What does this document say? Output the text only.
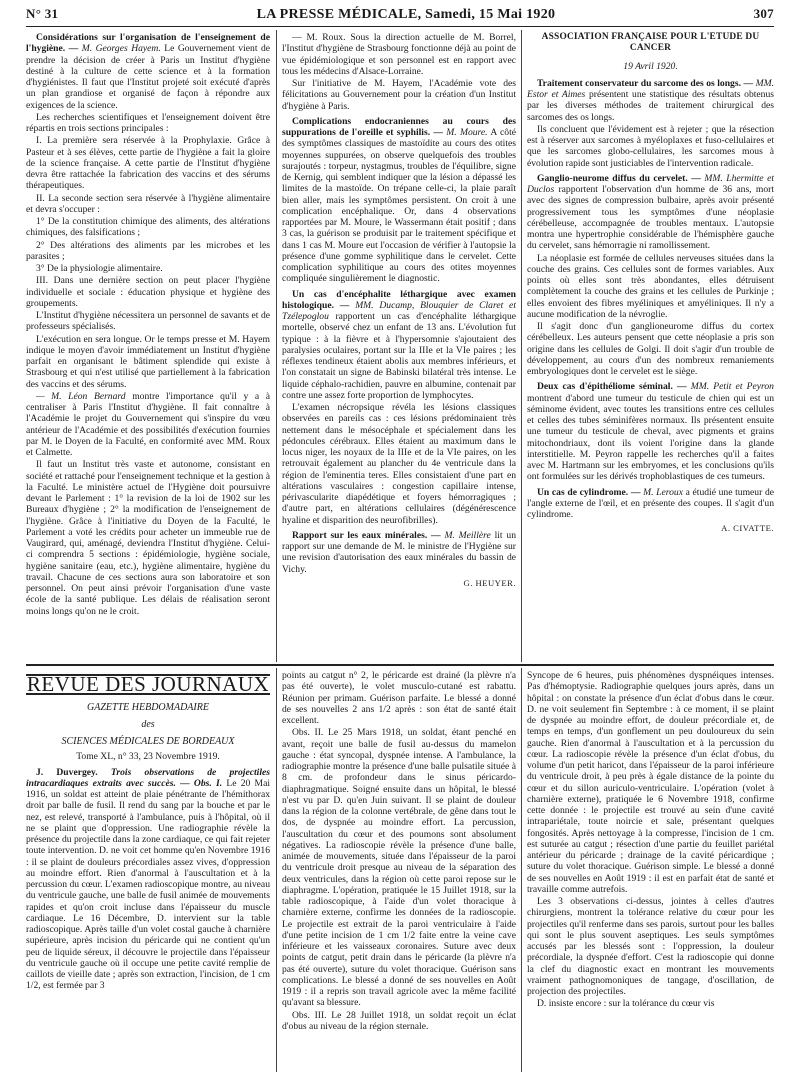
N° 31	LA PRESSE MÉDICALE, Samedi, 15 Mai 1920	307

Considérations sur l'organisation de l'enseignement de l'hygiène. — M. Georges Hayem. Le Gouvernement vient de prendre la décision de créer à Paris un Institut d'hygiène destiné à la culture de cette science et à la formation d'hygiénistes. Il faut que l'Institut projeté soit exécuté d'après un plan grandiose et organisé de façon à répondre aux exigences de la science.

Les recherches scientifiques et l'enseignement doivent être répartis en trois sections principales :

I. La première sera réservée à la Prophylaxie. Grâce à Pasteur et à ses élèves, cette partie de l'hygiène a fait la gloire de la science française. A cette partie de l'Institut d'hygiène devra être rattachée la fabrication des vaccins et des sérums thérapeutiques.

II. La seconde section sera réservée à l'hygiène alimentaire et devra s'occuper :

1° De la constitution chimique des aliments, des altérations chimiques, des falsifications ;

2° Des altérations des aliments par les microbes et les parasites ;

3° De la physiologie alimentaire.

III. Dans une dernière section on peut placer l'hygiène individuelle et sociale : éducation physique et hygiène des groupements.

L'Institut d'hygiène nécessitera un personnel de savants et de professeurs spécialisés.

L'exécution en sera longue. Or le temps presse et M. Hayem indique le moyen d'avoir immédiatement un Institut d'hygiène parfait en organisant le bâtiment splendide qui existe à Strasbourg et qui n'est utilisé que partiellement à la fabrication des vaccins et des sérums.

— M. Léon Bernard montre l'importance qu'il y a à centraliser à Paris l'Institut d'hygiène. Il fait connaître à l'Académie le projet du Gouvernement qui s'inspire du vœu antérieur de l'Académie et des possibilités d'exécution fournies par M. le Doyen de la Faculté, en conformité avec MM. Roux et Calmette.

Il faut un Institut très vaste et autonome, consistant en société et rattaché pour l'enseignement technique et la gestion à la Faculté. Le ministère actuel de l'Hygiène doit poursuivre devant le Parlement : 1° la revision de la loi de 1902 sur les Bureaux d'hygiène ; 2° la modification de l'enseignement de l'hygiène. Grâce à l'initiative du Doyen de la Faculté, le Parlement a voté les crédits pour acheter un immeuble rue de Vaugirard, qui, aménagé, deviendra l'Institut d'hygiène. Celui-ci comprendra 5 sections : épidémiologie, hygiène sociale, hygiène sanitaire (eau, etc.), hygiène alimentaire, hygiène du travail. Chacune de ces sections aura son laboratoire et son personnel. On peut ainsi prévoir l'organisation d'une vaste école de la santé publique. Les délais de réalisation seront moins longs qu'on ne le croit.

— M. Roux. Sous la direction actuelle de M. Borrel, l'Institut d'hygiène de Strasbourg fonctionne déjà au point de vue épidémiologique et son personnel est en rapport avec tous les médecins d'Alsace-Lorraine.

Sur l'initiative de M. Hayem, l'Académie vote des félicitations au Gouvernement pour la création d'un Institut d'hygiène à Paris.

Complications endocraniennes au cours des suppurations de l'oreille et syphilis. — M. Moure. A côté des symptômes classiques de mastoïdite au cours des otites moyennes suppurées, on observe quelquefois des troubles surajoutés : torpeur, nystagmus, troubles de l'équilibre, signe de Kernig, qui semblent indiquer que la lésion a dépassé les limites de la mastoïde. On trépane celle-ci, la plaie paraît bien aller, mais les symptômes persistent. On croit à une complication encéphalique. Or, dans 4 observations rapportées par M. Moure, le Wassermann était positif ; dans 3 cas, la guérison se produisit par le traitement spécifique et dans 1 cas M. Moure eut l'occasion de vérifier à l'autopsie la présence d'une gomme syphilitique dans le cervelet. Cette complication syphilitique au cours des otites moyennes compliquée singulièrement le diagnostic.

Un cas d'encéphalite léthargique avec examen histologique. — MM. Ducamp, Blouquier de Claret et Tzélepoglou rapportent un cas d'encéphalite léthargique mortelle, observé chez un enfant de 13 ans. L'évolution fut typique : à la fièvre et à l'hypersomnie s'ajoutaient des paralysies oculaires, portant sur la IIIe et la VIe paires ; les réflexes tendineux étaient abolis aux membres inférieurs, et l'on constatait un signe de Babinski bilatéral très intense. Le liquide céphalo-rachidien, pauvre en albumine, contenait par contre une assez forte proportion de lymphocytes.

L'examen nécropsique révéla les lésions classiques observées en pareils cas : ces lésions prédominaient très nettement dans le mésocéphale et spécialement dans les pédoncules cérébraux. Elles étaient au maximum dans le locus niger, les noyaux de la IIIe et de la VIe paires, on les retrouvait également au plancher du 4e ventricule dans la région de l'eminentia teres. Elles consistaient d'une part en altérations vasculaires : congestion capillaire intense, périvascularite diapédétique et foyers hémorragiques ; d'autre part, en altérations cellulaires (dégénérescence hyaline et disparition des neurofibrilles).

Rapport sur les eaux minérales. — M. Meillère lit un rapport sur une demande de M. le ministre de l'Hygiène sur une revision d'autorisation des eaux minérales du bassin de Vichy.

G. HEUYER.

ASSOCIATION FRANÇAISE POUR L'ÉTUDE DU CANCER

19 Avril 1920.

Traitement conservateur du sarcome des os longs. — MM. Estor et Aimes présentent une statistique des résultats obtenus par les diverses méthodes de traitement chirurgical des sarcomes des os longs.

Ils concluent que l'évidement est à rejeter ; que la résection est à réserver aux sarcomes à myéloplaxes et fuso-cellulaires et que les sarcomes globo-cellulaires, les sarcomes mous à évolution rapide sont justiciables de l'intervention radicale.

Ganglio-neurome diffus du cervelet. — MM. Lhermitte et Duclos rapportent l'observation d'un homme de 36 ans, mort avec des signes de compression bulbaire, après avoir présenté progressivement tous les symptômes d'une néoplasie cérébelleuse, accompagnée de troubles mentaux. L'autopsie montra une hypertrophie considérable de l'hémisphère gauche du cervelet, sans hémorragie ni ramollissement.

La néoplasie est formée de cellules nerveuses situées dans la couche des grains. Ces cellules sont de formes variables. Aux points où elles sont très abondantes, elles détruisent complètement la couche des grains et les cellules de Purkinje ; elles envoient des fibres myéliniques et amyéliniques. Il n'y a aucune modification de la névroglie.

Il s'agit donc d'un ganglioneurome diffus du cortex cérébelleux. Les auteurs pensent que cette néoplasie a pris son origine dans les cellules de Golgi. Il doit s'agir d'un trouble de développement, au cours d'un des nombreux remaniements embryologiques dont le cervelet est le siège.

Deux cas d'épithéliome séminal. — MM. Petit et Peyron montrent d'abord une tumeur du testicule de chien qui est un séminome évident, avec toutes les transitions entre ces cellules et celles des tubes séminifères normaux. Ils présentent ensuite une tumeur du testicule de cheval, avec pigments et grains mitochondriaux, dont ils voient l'origine dans la glande interstitielle. M. Peyron rappelle les recherches qu'il a faites avec M. Hartmann sur les embryomes, et les conclusions qu'ils ont formulées sur les dérivés trophoblastiques de ces tumeurs.

Un cas de cylindrome. — M. Leroux a étudié une tumeur de l'angle externe de l'œil, et en présente des coupes. Il s'agit d'un cylindrome.

A. CIVATTE.

REVUE DES JOURNAUX

GAZETTE HEBDOMADAIRE

des

SCIENCES MÉDICALES DE BORDEAUX

Tome XL, n° 33, 23 Novembre 1919.

J. Duvergey. Trois observations de projectiles intracardiaques extraits avec succès. — Obs. I. Le 20 Mai 1916, un soldat est atteint de plaie pénétrante de l'hémithorax droit par balle de fusil. Il rend du sang par la bouche et par le nez, est relevé, transporté à l'ambulance, puis à l'hôpital, où il ne se plaint que d'oppression. Une radiographie révèle la présence du projectile dans la zone cardiaque, ce qui fait rejeter toute intervention. D. ne voit cet homme qu'en Novembre 1916 : il se plaint de douleurs précordiales assez vives, d'oppression au moindre effort. Rien d'anormal à l'auscultation et à la percussion du cœur. L'examen radioscopique montre, au niveau du ventricule gauche, une balle de fusil animée de mouvements rapides et qu'on croit incluse dans l'épaisseur du muscle cardiaque. Le 16 Décembre, D. intervient sur la table radioscopique. Après taille d'un volet costal gauche à charnière supérieure, après incision du péricarde qui ne contient qu'un peu de liquide séreux, il découvre le projectile dans l'épaisseur du ventricule gauche où il occupe une petite cavité remplie de caillots de vieille date ; après son extraction, l'incision, de 1 cm 1/2, est fermée par 3

points au catgut n° 2, le péricarde est drainé (la plèvre n'a pas été ouverte), le volet musculo-cutané est rabattu. Réunion per primam. Guérison parfaite. Le blessé a donné de ses nouvelles 2 ans 1/2 après : son état de santé était excellent.

Obs. II. Le 25 Mars 1918, un soldat, étant penché en avant, reçoit une balle de fusil au-dessus du mamelon gauche : état syncopal, dyspnée intense. A l'ambulance, la radiographie montre la présence d'une balle pulsatile située à 8 cm. de profondeur dans le sinus péricardo-diaphragmatique. Soigné ensuite dans un hôpital, le blessé n'est vu par D. qu'en Juin suivant. Il se plaint de douleur dans la région de la colonne vertébrale, de gêne dans tout le dos, de dyspnée au moindre effort. La percussion, l'auscultation du cœur et des poumons sont absolument négatives. La radioscopie révèle la présence d'une balle, animée de mouvements, située dans l'épaisseur de la paroi du ventricule droit presque au niveau de la séparation des deux ventricules, dans la région où cette paroi repose sur le diaphragme. L'opération, pratiquée le 15 Juillet 1918, sur la table radioscopique, à l'aide d'un volet thoracique à charnière externe, confirme les données de la radioscopie. Le projectile est extrait de la paroi ventriculaire à l'aide d'une petite incision de 1 cm 1/2 faite entre la veine cave inférieure et les vaisseaux coronaires. Suture avec deux points de catgut, petit drain dans le péricarde (la plèvre n'a pas été ouverte), suture du volet thoracique. Guérison sans complications. Le blessé a donné de ses nouvelles en Août 1919 : il a repris son travail agricole avec la même facilité qu'avant sa blessure.

Obs. III. Le 28 Juillet 1918, un soldat reçoit un éclat d'obus au niveau de la région sternale.

Syncope de 6 heures, puis phénomènes dyspnéiques intenses. Pas d'hémoptysie. Radiographie quelques jours après, dans un hôpital : on constate la présence d'un éclat d'obus dans le cœur. D. ne voit seulement fin Septembre : à ce moment, il se plaint de dyspnée au moindre effort, de douleur précordiale et, de temps en temps, d'un gonflement un peu douloureux du sein gauche. Rien d'anormal à l'auscultation et à la percussion du cœur. La radioscopie révèle la présence d'un éclat d'obus, du volume d'un petit haricot, dans l'épaisseur de la paroi inférieure du ventricule droit, à peu près à égale distance de la pointe du cœur et du sillon auriculo-ventriculaire. L'opération (volet à charnière externe), pratiquée le 6 Novembre 1918, confirme cette donnée : le projectile est trouvé au sein d'une cavité intrapariétale, toute noircie et sale, présentant quelques fongosités. Après nettoyage à la compresse, l'incision de 1 cm. est suturée au catgut ; résection d'une partie du feuillet pariétal antérieur du péricarde ; drainage de la cavité péricardique ; suture du volet thoracique. Guérison simple. Le blessé a donné de ses nouvelles en Août 1919 : il est en parfait état de santé et travaille comme autrefois.

Les 3 observations ci-dessus, jointes à celles d'autres chirurgiens, montrent la tolérance relative du cœur pour les projectiles qu'il renferme dans ses parois, surtout pour les balles qui sont le plus souvent aseptiques. Les seuls symptômes accusés par les blessés sont : l'oppression, la douleur précordiale, la dyspnée d'effort. C'est la radioscopie qui donne la clef du diagnostic exact en montrant les mouvements vraiment pathognomoniques de tangage, d'oscillation, de projection des projectiles.

D. insiste encore : sur la tolérance du cœur vis
